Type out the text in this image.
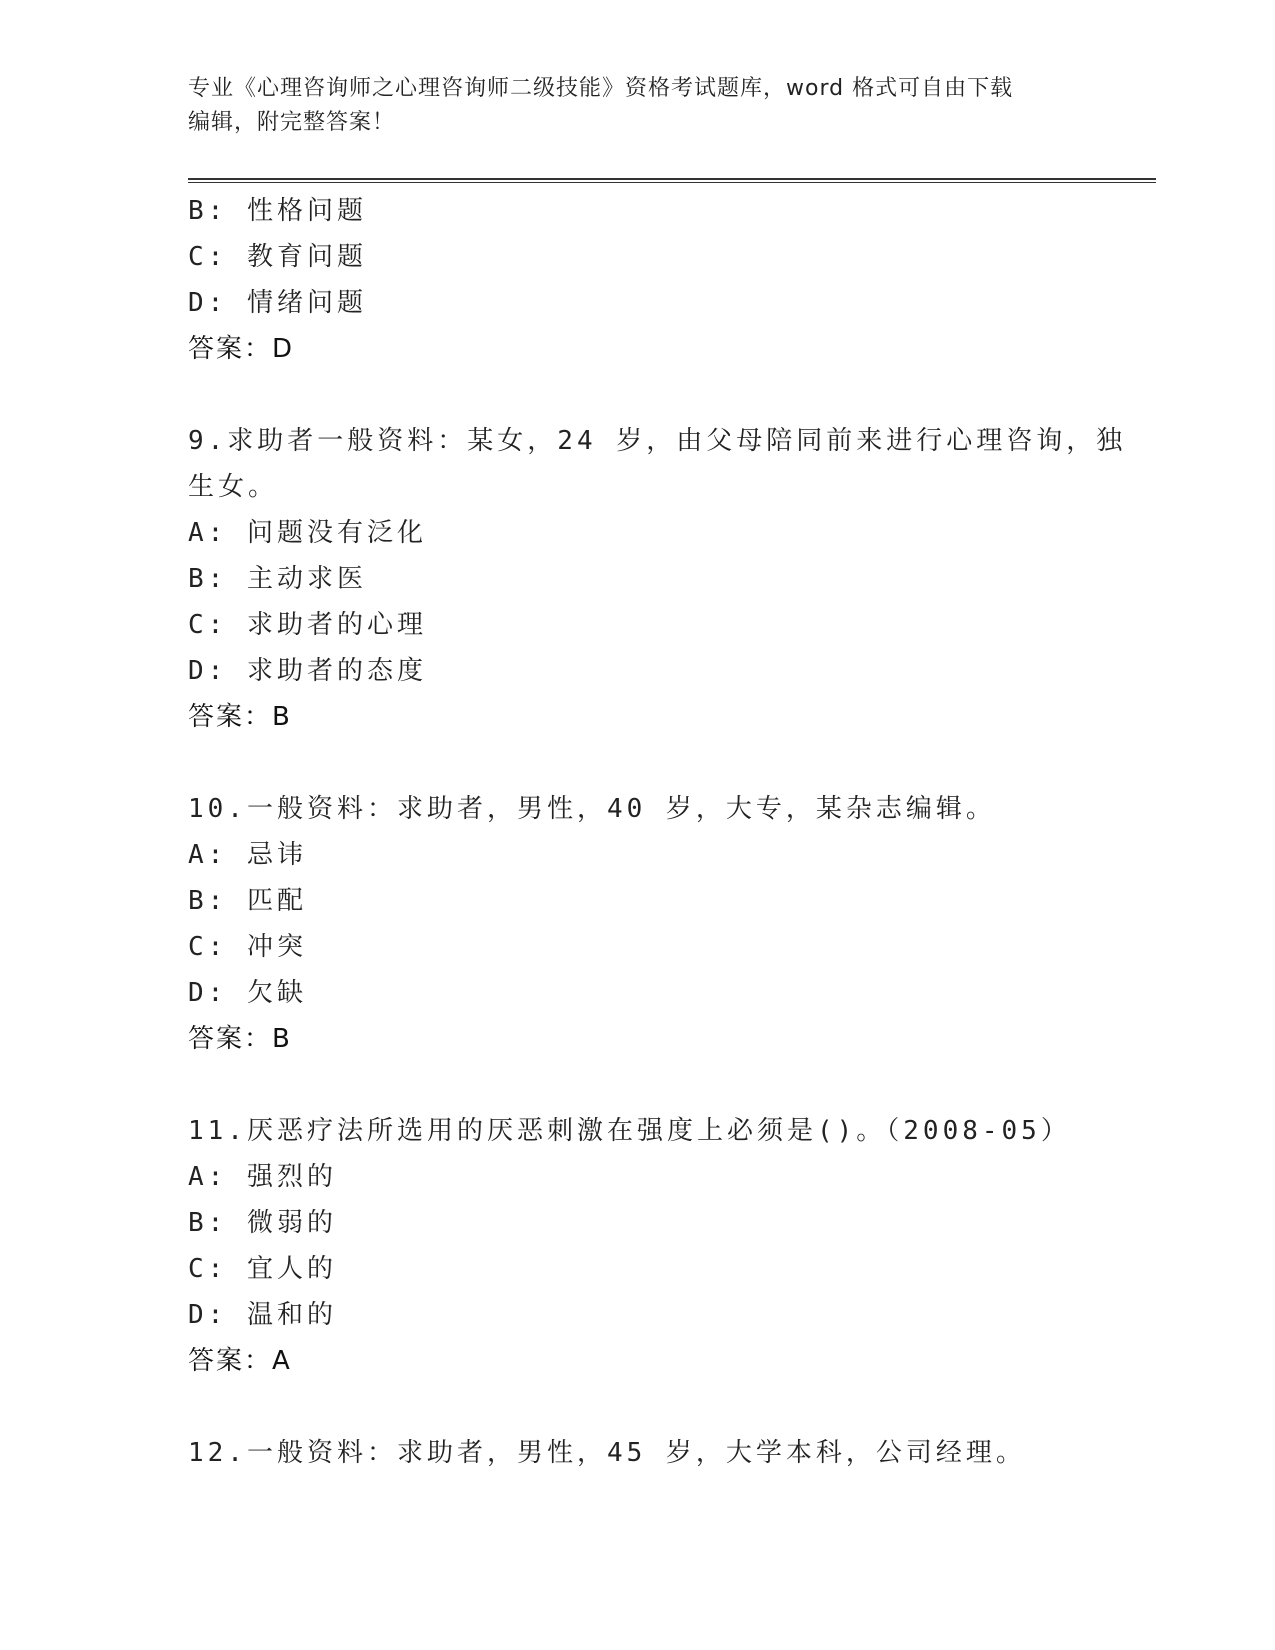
专业《心理咨询师之心理咨询师二级技能》资格考试题库，word 格式可自由下载
编辑，附完整答案！
B: 性格问题
C: 教育问题
D: 情绪问题
答案：D
9.求助者一般资料：某女，24 岁，由父母陪同前来进行心理咨询，独
生女。
A: 问题没有泛化
B: 主动求医
C: 求助者的心理
D: 求助者的态度
答案：B
10.一般资料：求助者，男性，40 岁，大专，某杂志编辑。
A: 忌讳
B: 匹配
C: 冲突
D: 欠缺
答案：B
11.厌恶疗法所选用的厌恶刺激在强度上必须是()。（2008-05）
A: 强烈的
B: 微弱的
C: 宜人的
D: 温和的
答案：A
12.一般资料：求助者，男性，45 岁，大学本科，公司经理。
